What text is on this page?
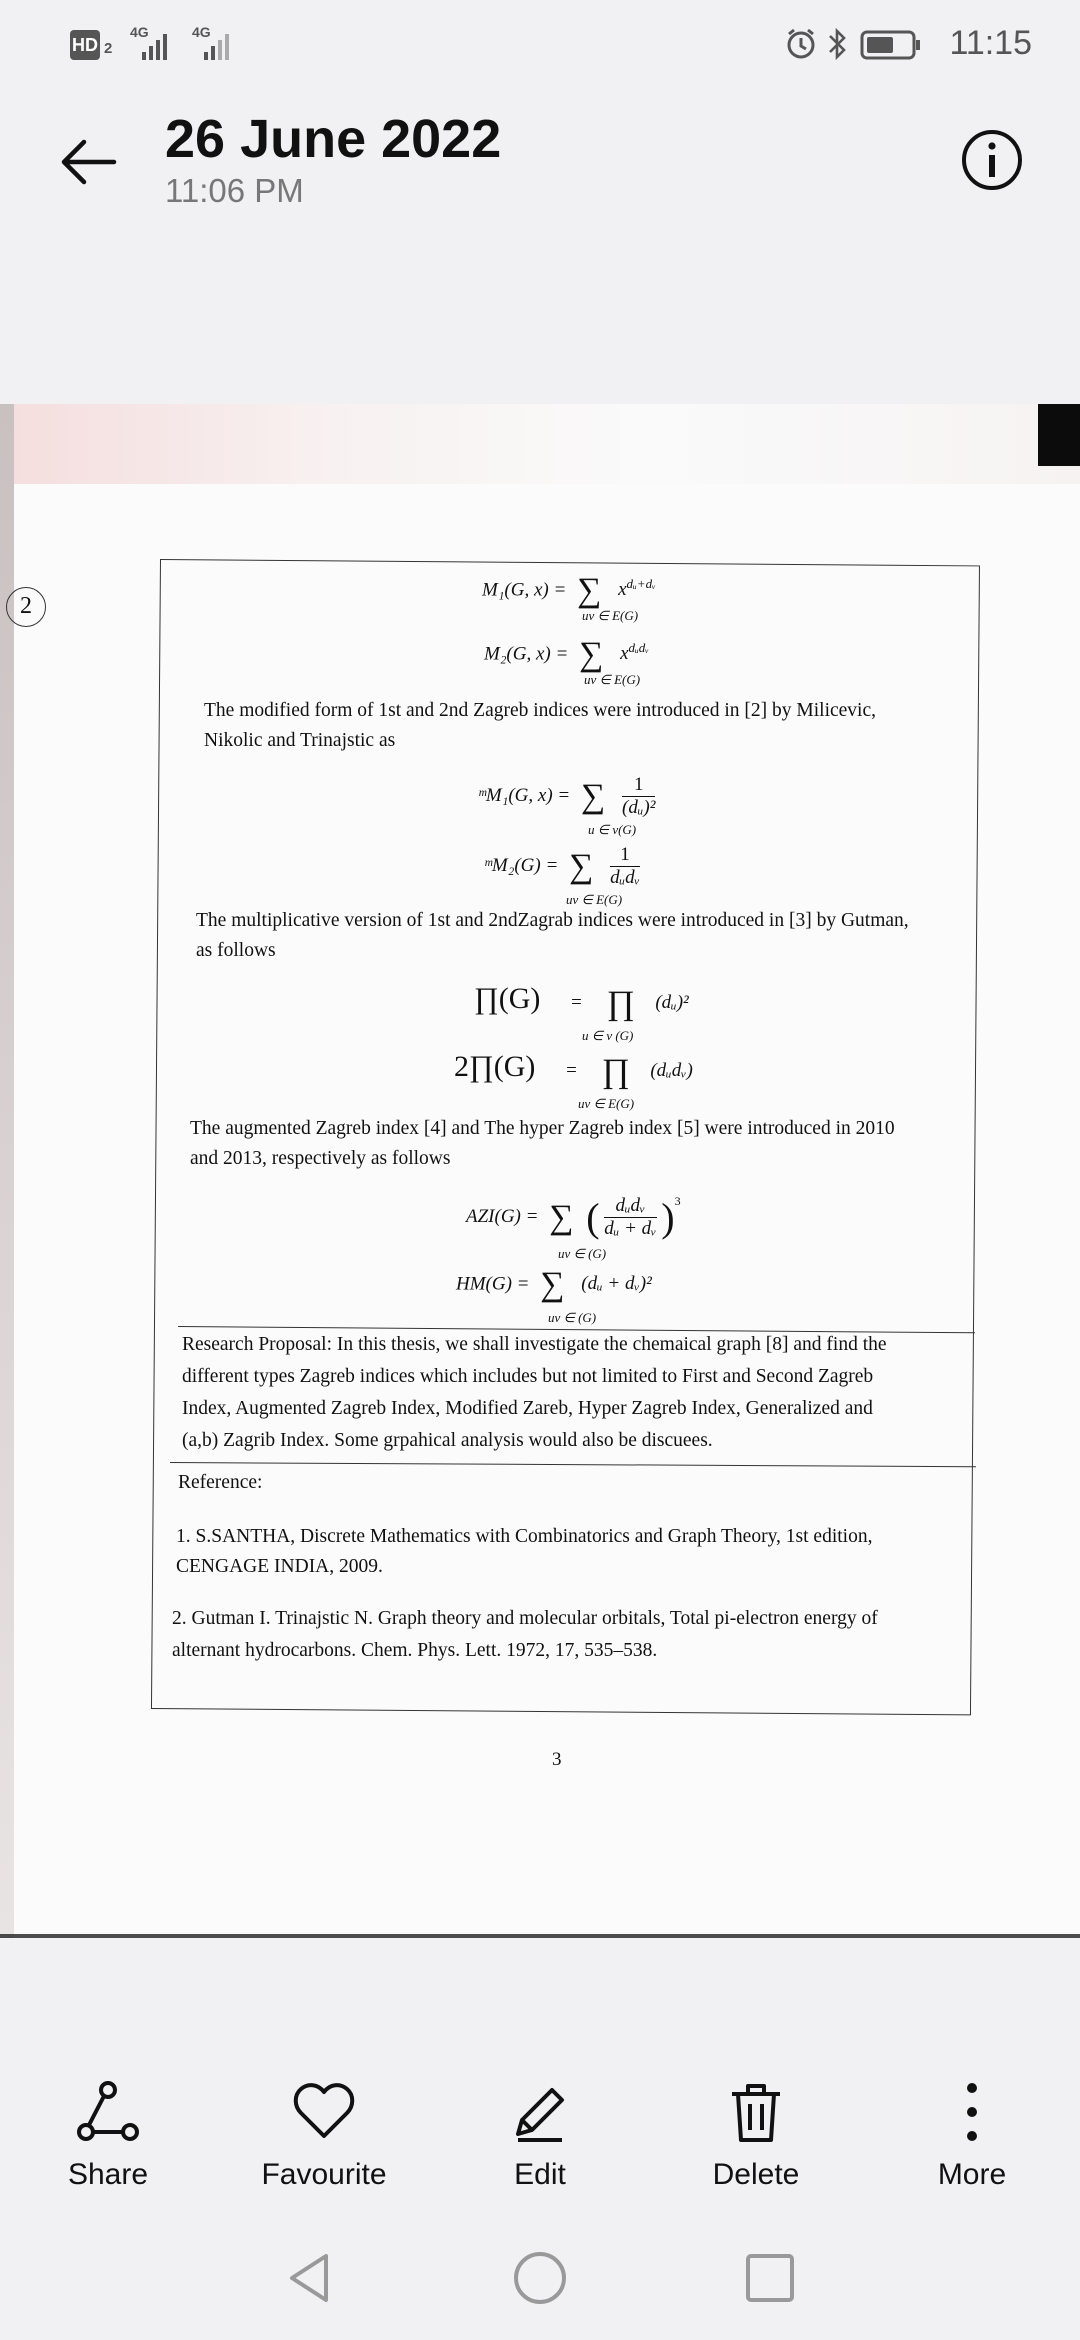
HD 2
4G	4G	11:15
26 June 2022
11:06 PM
2
M₁(G, x) = ∑ $x^{dᵤ+dᵥ}$
uv ∈ E(G)
M₂(G, x) = ∑ $x^{dᵤdᵥ}$
uv ∈ E(G)
The modified form of 1st and 2nd Zagreb indices were introduced in [2] by Milicevic,
Nikolic and Trinajstic as
ᵐM₁(G, x) = ∑ $\frac{1}{\text{(dᵤ)²}}$
u ∈ v(G)
ᵐM₂(G) = ∑	1
dᵤdᵥ
uv ∈ E(G)
The multiplicative version of 1st and 2ndZagrab indices were introduced in [3] by Gutman,
as follows
∏(G) = ∏ (dᵤ)²
u ∈ v (G)
2∏(G) = ∏ (dᵤdᵥ)
uv ∈ E(G)
The augmented Zagreb index [4] and The hyper Zagreb index [5] were introduced in 2010
and 2013, respectively as follows
AZI(G) = ∑ ( dᵤdᵥ
dᵤ + dᵥ )$^3$
uv ∈ (G)
HM(G) = ∑ (dᵤ + dᵥ)²
uv ∈ (G)
Research Proposal: In this thesis, we shall investigate the chemaical graph [8] and find the
different types Zagreb indices which includes but not limited to First and Second Zagreb
Index, Augmented Zagreb Index, Modified Zareb, Hyper Zagreb Index, Generalized and
(a,b) Zagrib Index. Some grpahical analysis would also be discuees.
Reference:
1. S.SANTHA, Discrete Mathematics with Combinatorics and Graph Theory, 1st edition,
CENGAGE INDIA, 2009.
2. Gutman I. Trinajstic N. Graph theory and molecular orbitals, Total pi-electron energy of
alternant hydrocarbons. Chem. Phys. Lett. 1972, 17, 535–538.
3
Share	Favourite	Edit	Delete	More
